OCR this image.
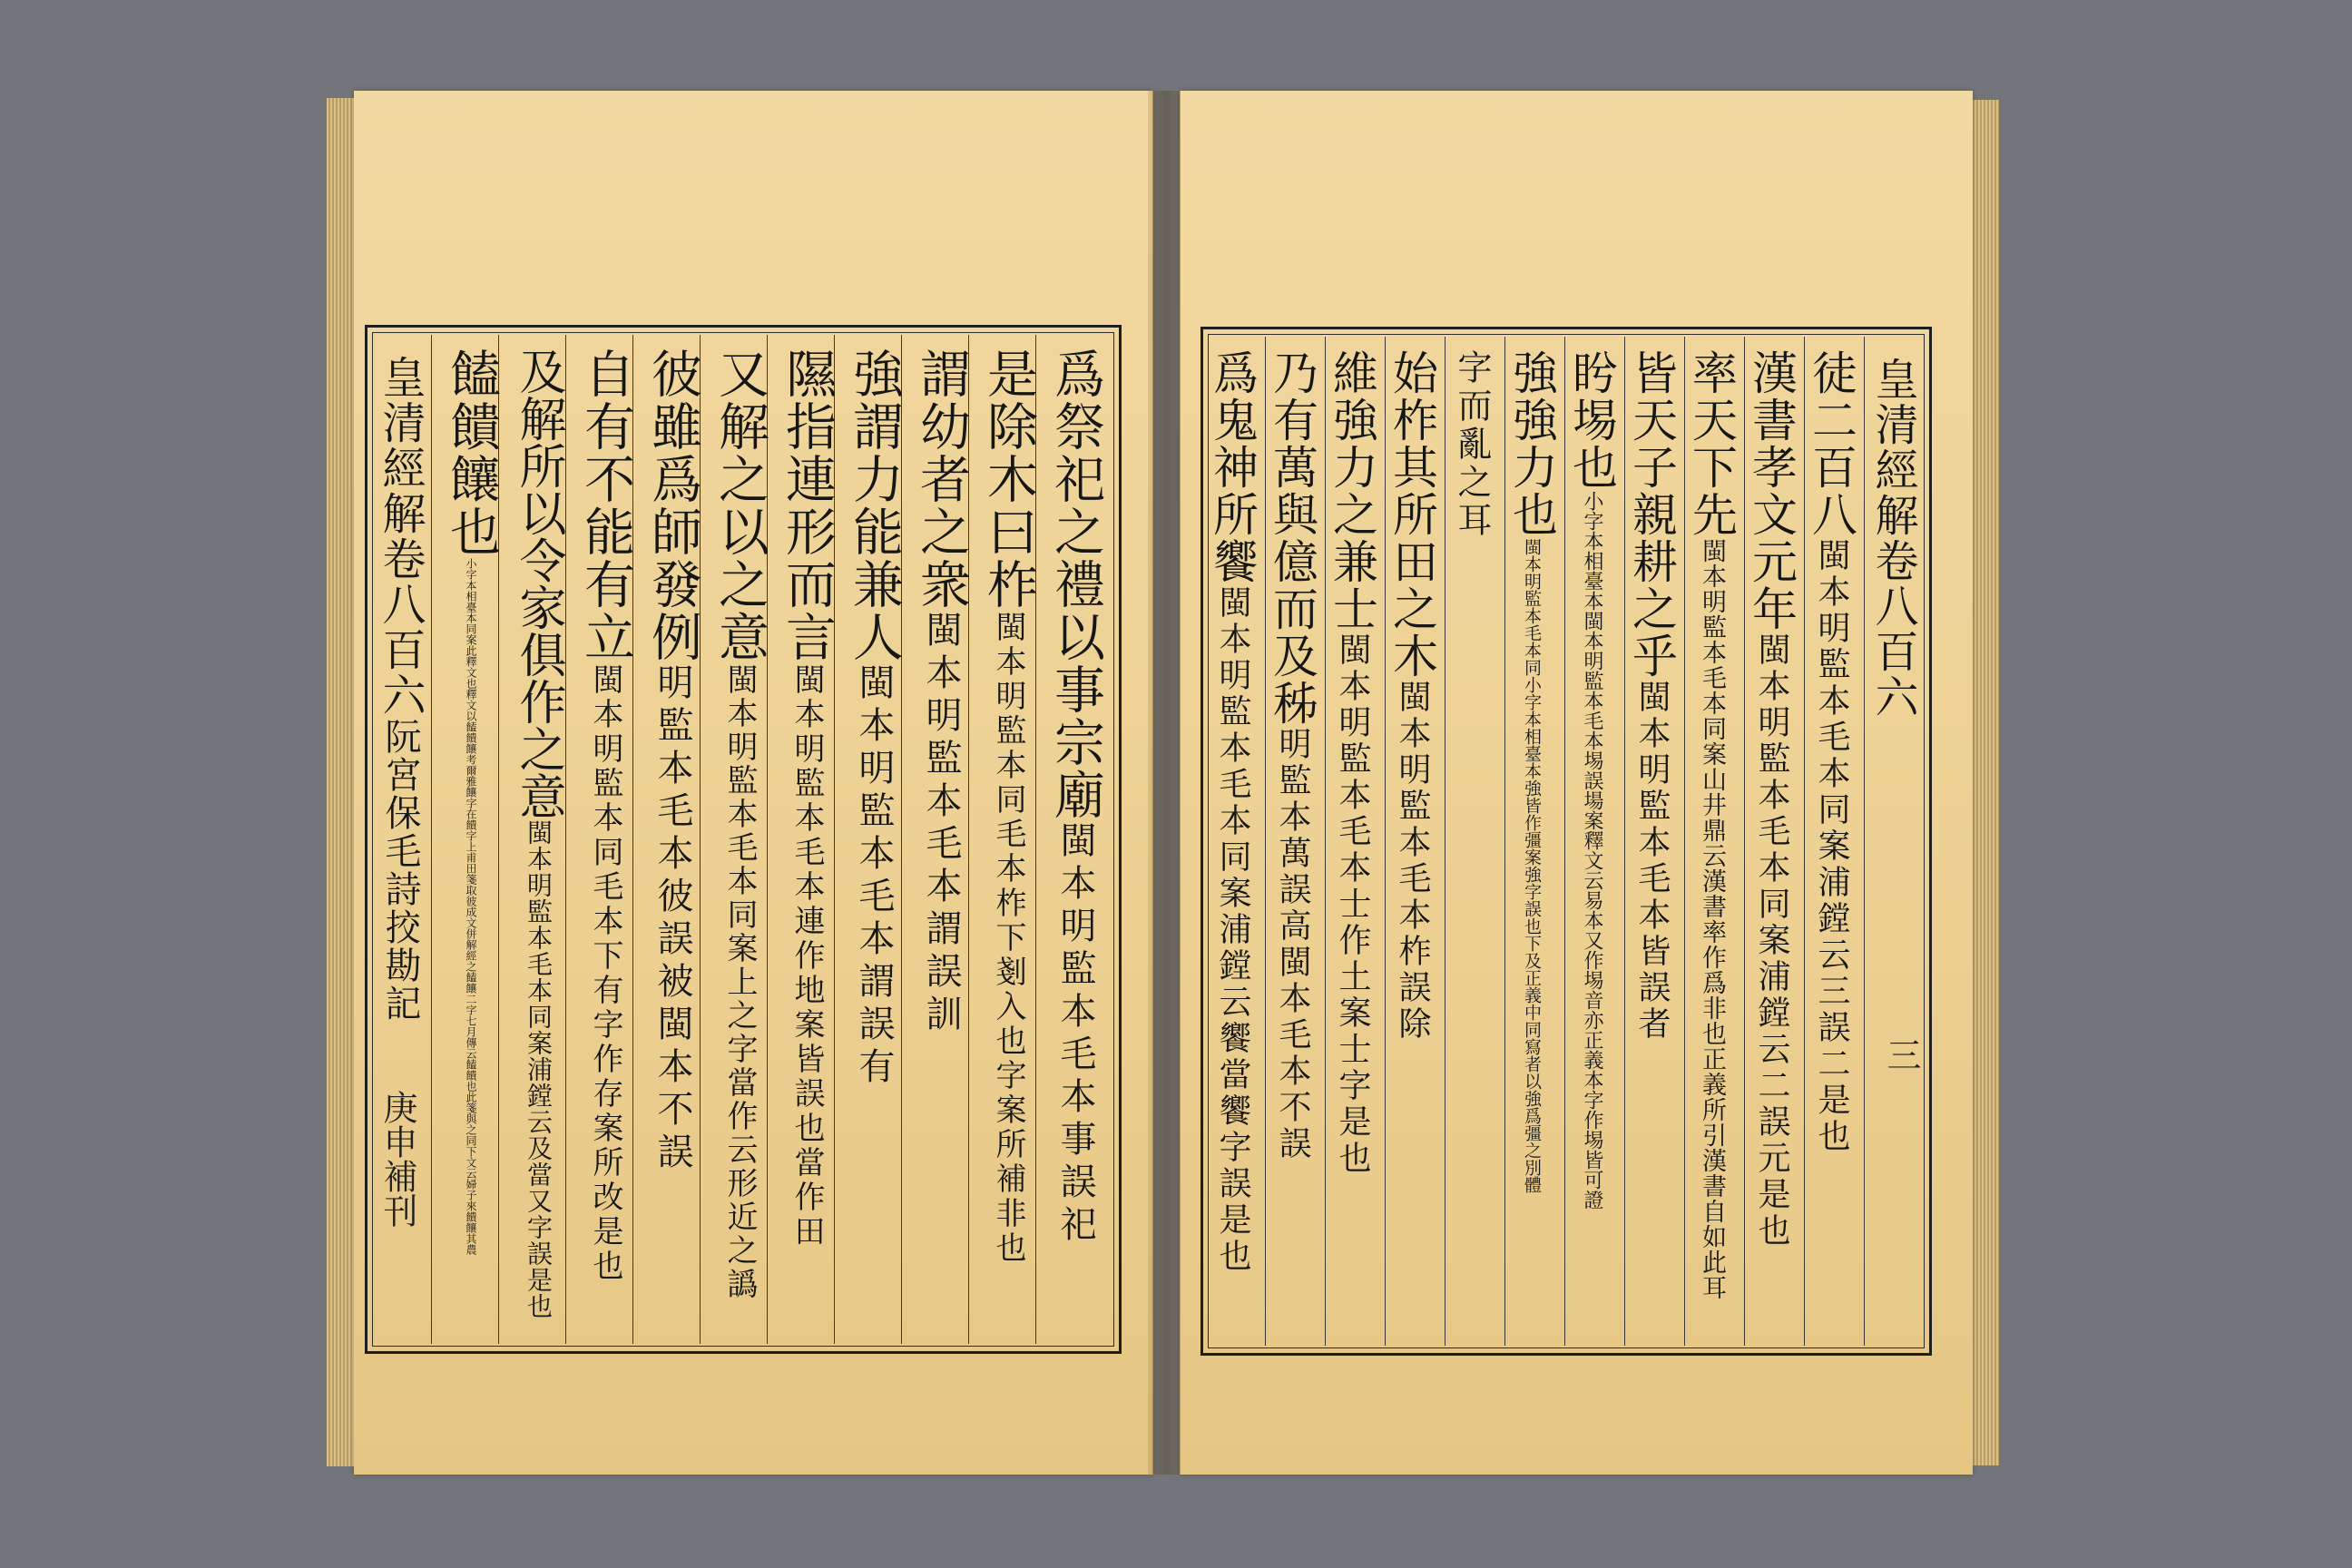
皇清經解卷八百六阮宮保毛詩挍勘記
爲祭祀之禮以事宗廟閩本明監本毛本事誤祀
是除木曰柞閩本明監本同毛本柞下剗入也字案所補非也
謂幼者之衆閩本明監本毛本謂誤訓
強謂力能兼人閩本明監本毛本謂誤有
隰指連形而言閩本明監本毛本連作地案皆誤也當作田
又解之以之意閩本明監本毛本同案上之字當作云形近之譌
彼雖爲師發例明監本毛本彼誤被閩本不誤
自有不能有立閩本明監本同毛本下有字作存案所改是也
及解所以令家俱作之意閩本明監本毛本同案浦鏜云及當又字誤是也
饁饋饟也小字本相臺本同案此釋文也釋文以饁饋饟考爾雅饟字在饋字上甫田箋取彼成文併解經之饁饟二字七月傳云饁饋也此箋與之同下文云婦子來饋饟其農
庚申補刊
皇清經解卷八百六
三
徒二百八閩本明監本毛本同案浦鏜云三誤二是也
漢書孝文元年閩本明監本毛本同案浦鏜云二誤元是也
率天下先閩本明監本毛本同案山井鼎云漢書率作爲非也正義所引漢書自如此耳
皆天子親耕之乎閩本明監本毛本皆誤者
盻埸也小字本相臺本閩本明監本毛本埸誤場案釋文云易本又作埸音亦正義本字作埸皆可證
強強力也閩本明監本毛本同小字本相臺本強皆作彊案強字誤也下及正義中同寫者以強爲彊之別體
字而亂之耳
始柞其所田之木閩本明監本毛本柞誤除
維強力之兼士閩本明監本毛本士作土案士字是也
乃有萬與億而及秭明監本萬誤高閩本毛本不誤
爲鬼神所饗閩本明監本毛本同案浦鏜云饗當饗字誤是也
